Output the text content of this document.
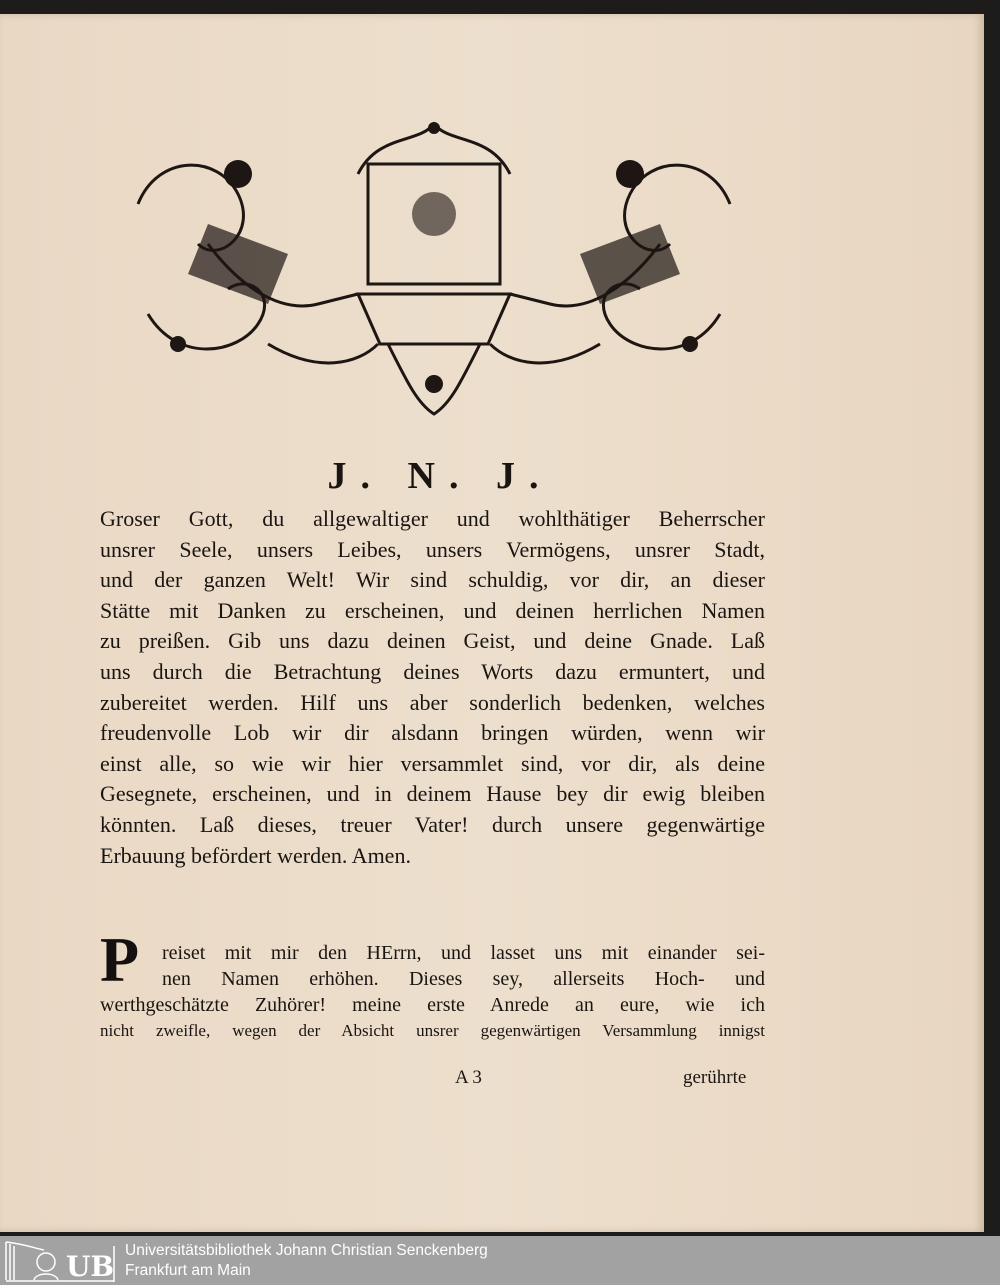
J. N. J.
Groser Gott, du allgewaltiger und wohlthätiger Beherrscher
unsrer Seele, unsers Leibes, unsers Vermögens, unsrer Stadt,
und der ganzen Welt! Wir sind schuldig, vor dir, an dieser
Stätte mit Danken zu erscheinen, und deinen herrlichen Namen
zu preißen. Gib uns dazu deinen Geist, und deine Gnade. Laß
uns durch die Betrachtung deines Worts dazu ermuntert, und
zubereitet werden. Hilf uns aber sonderlich bedenken, welches
freudenvolle Lob wir dir alsdann bringen würden, wenn wir
einst alle, so wie wir hier versammlet sind, vor dir, als deine
Gesegnete, erscheinen, und in deinem Hause bey dir ewig bleiben
könnten. Laß dieses, treuer Vater! durch unsere gegenwärtige
Erbauung befördert werden. Amen.
P	reiset mit mir den HErrn, und lasset uns mit einander sei-
nen Namen erhöhen. Dieses sey, allerseits Hoch- und
werthgeschätzte Zuhörer! meine erste Anrede an eure, wie ich
nicht zweifle, wegen der Absicht unsrer gegenwärtigen Versammlung innigst
A 3	gerührte
UB Universitätsbibliothek Johann Christian Senckenberg
Frankfurt am Main
